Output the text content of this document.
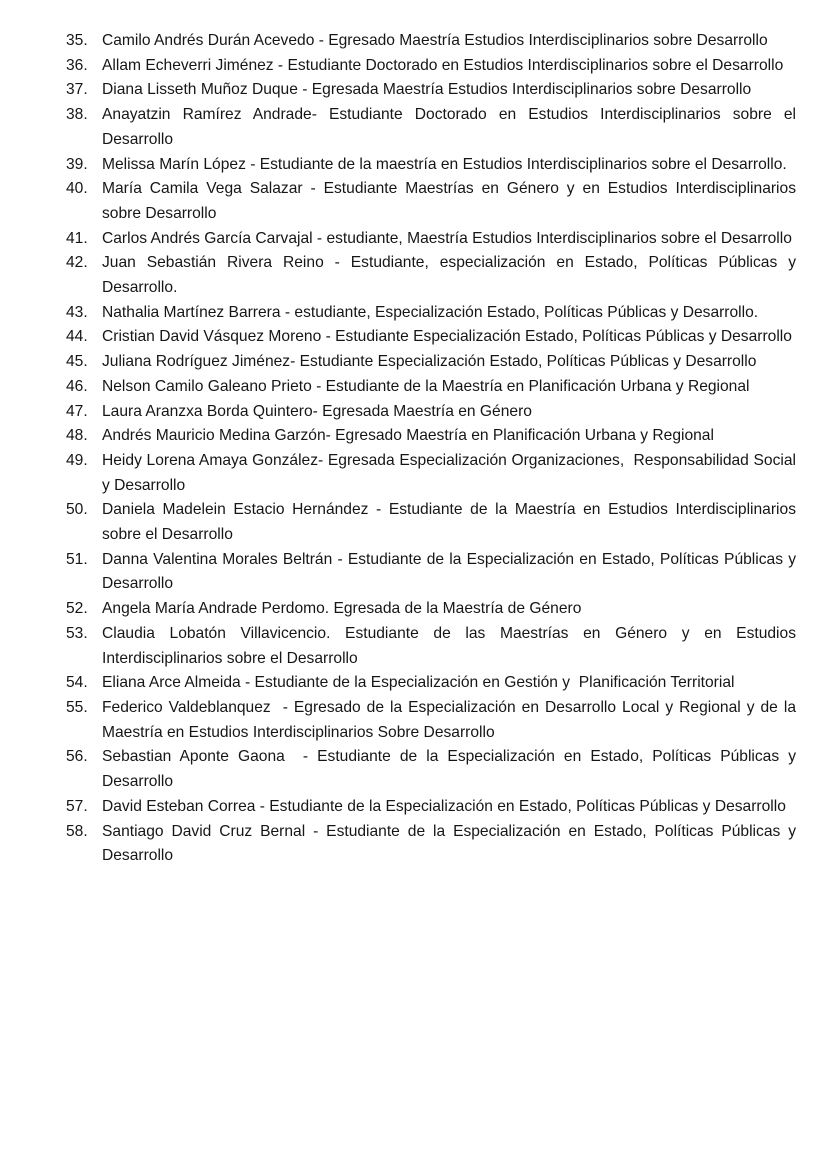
35. Camilo Andrés Durán Acevedo - Egresado Maestría Estudios Interdisciplinarios sobre Desarrollo
36. Allam Echeverri Jiménez - Estudiante Doctorado en Estudios Interdisciplinarios sobre el Desarrollo
37. Diana Lisseth Muñoz Duque - Egresada Maestría Estudios Interdisciplinarios sobre Desarrollo
38. Anayatzin Ramírez Andrade- Estudiante Doctorado en Estudios Interdisciplinarios sobre el Desarrollo
39. Melissa Marín López - Estudiante de la maestría en Estudios Interdisciplinarios sobre el Desarrollo.
40. María Camila Vega Salazar - Estudiante Maestrías en Género y en Estudios Interdisciplinarios sobre Desarrollo
41. Carlos Andrés García Carvajal - estudiante, Maestría Estudios Interdisciplinarios sobre el Desarrollo
42. Juan Sebastián Rivera Reino - Estudiante, especialización en Estado, Políticas Públicas y Desarrollo.
43. Nathalia Martínez Barrera - estudiante, Especialización Estado, Políticas Públicas y Desarrollo.
44. Cristian David Vásquez Moreno - Estudiante Especialización Estado, Políticas Públicas y Desarrollo
45. Juliana Rodríguez Jiménez- Estudiante Especialización Estado, Políticas Públicas y Desarrollo
46. Nelson Camilo Galeano Prieto - Estudiante de la Maestría en Planificación Urbana y Regional
47. Laura Aranzxa Borda Quintero- Egresada Maestría en Género
48. Andrés Mauricio Medina Garzón- Egresado Maestría en Planificación Urbana y Regional
49. Heidy Lorena Amaya González- Egresada Especialización Organizaciones,  Responsabilidad Social y Desarrollo
50. Daniela Madelein Estacio Hernández - Estudiante de la Maestría en Estudios Interdisciplinarios sobre el Desarrollo
51. Danna Valentina Morales Beltrán - Estudiante de la Especialización en Estado, Políticas Públicas y Desarrollo
52. Angela María Andrade Perdomo. Egresada de la Maestría de Género
53. Claudia Lobatón Villavicencio. Estudiante de las Maestrías en Género y en Estudios Interdisciplinarios sobre el Desarrollo
54. Eliana Arce Almeida - Estudiante de la Especialización en Gestión y  Planificación Territorial
55. Federico Valdeblanquez  - Egresado de la Especialización en Desarrollo Local y Regional y de la Maestría en Estudios Interdisciplinarios Sobre Desarrollo
56. Sebastian Aponte Gaona  - Estudiante de la Especialización en Estado, Políticas Públicas y Desarrollo
57. David Esteban Correa - Estudiante de la Especialización en Estado, Políticas Públicas y Desarrollo
58. Santiago David Cruz Bernal - Estudiante de la Especialización en Estado, Políticas Públicas y Desarrollo
